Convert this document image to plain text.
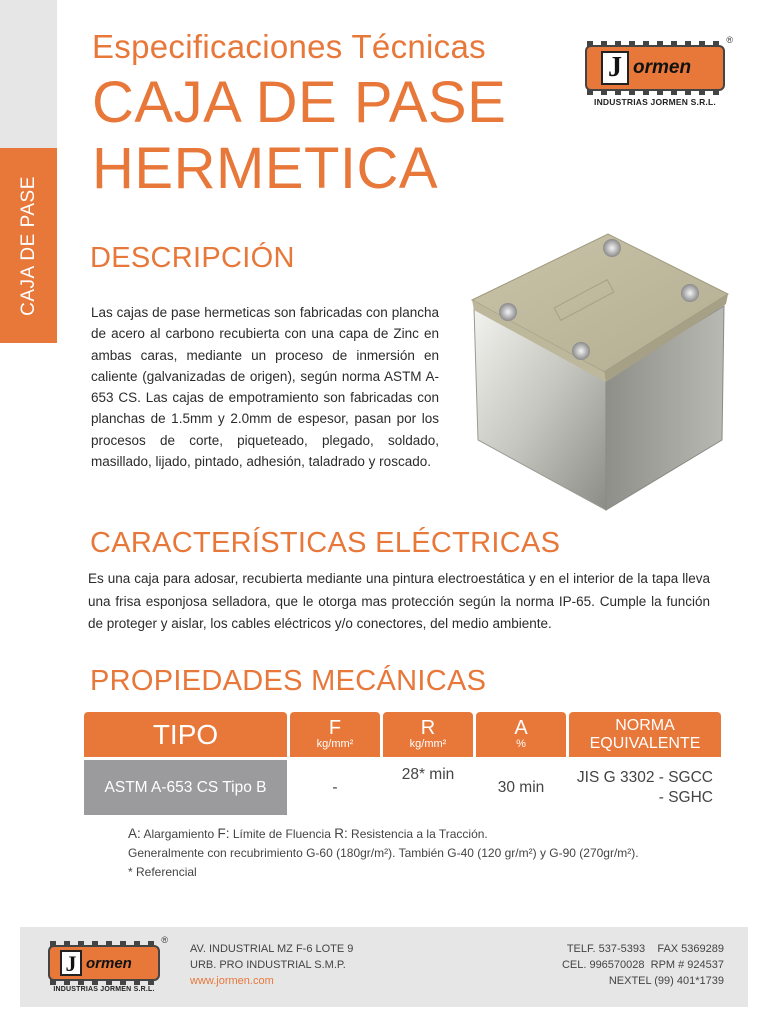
CAJA DE PASE
Especificaciones Técnicas
CAJA DE PASE
HERMETICA
J ormen
®
INDUSTRIAS JORMEN S.R.L.
DESCRIPCIÓN
Las cajas de pase hermeticas son fabricadas con plancha de acero al carbono recubierta con una capa de Zinc en ambas caras, mediante un proceso de inmersión en caliente (galvanizadas de origen), según norma ASTM A-653 CS. Las cajas de empotramiento son fabricadas con planchas de 1.5mm y 2.0mm de espesor, pasan por los procesos de corte, piqueteado, plegado, soldado, masillado, lijado, pintado, adhesión, taladrado y roscado.
CARACTERÍSTICAS ELÉCTRICAS
Es una caja para adosar, recubierta mediante una pintura electroestática y en el interior de la tapa lleva una frisa esponjosa selladora, que le otorga mas protección según la norma IP-65. Cumple la función de proteger y aislar, los cables eléctricos y/o conectores, del medio ambiente.
PROPIEDADES MECÁNICAS
TIPO	F
kg/mm²
R
kg/mm²
A
%
NORMA
EQUIVALENTE
ASTM A-653 CS Tipo B	-
28* min
30 min
JIS G 3302 - SGCC
- SGHC
A: Alargamiento F: Límite de Fluencia R: Resistencia a la Tracción.
Generalmente con recubrimiento G-60 (180gr/m²). También G-40 (120 gr/m²) y G-90 (270gr/m²).
* Referencial
J ormen
®
INDUSTRIAS JORMEN S.R.L.
AV. INDUSTRIAL MZ F-6 LOTE 9
URB. PRO INDUSTRIAL S.M.P.
www.jormen.com
TELF. 537-5393    FAX 5369289
CEL. 996570028  RPM # 924537
NEXTEL (99) 401*1739
